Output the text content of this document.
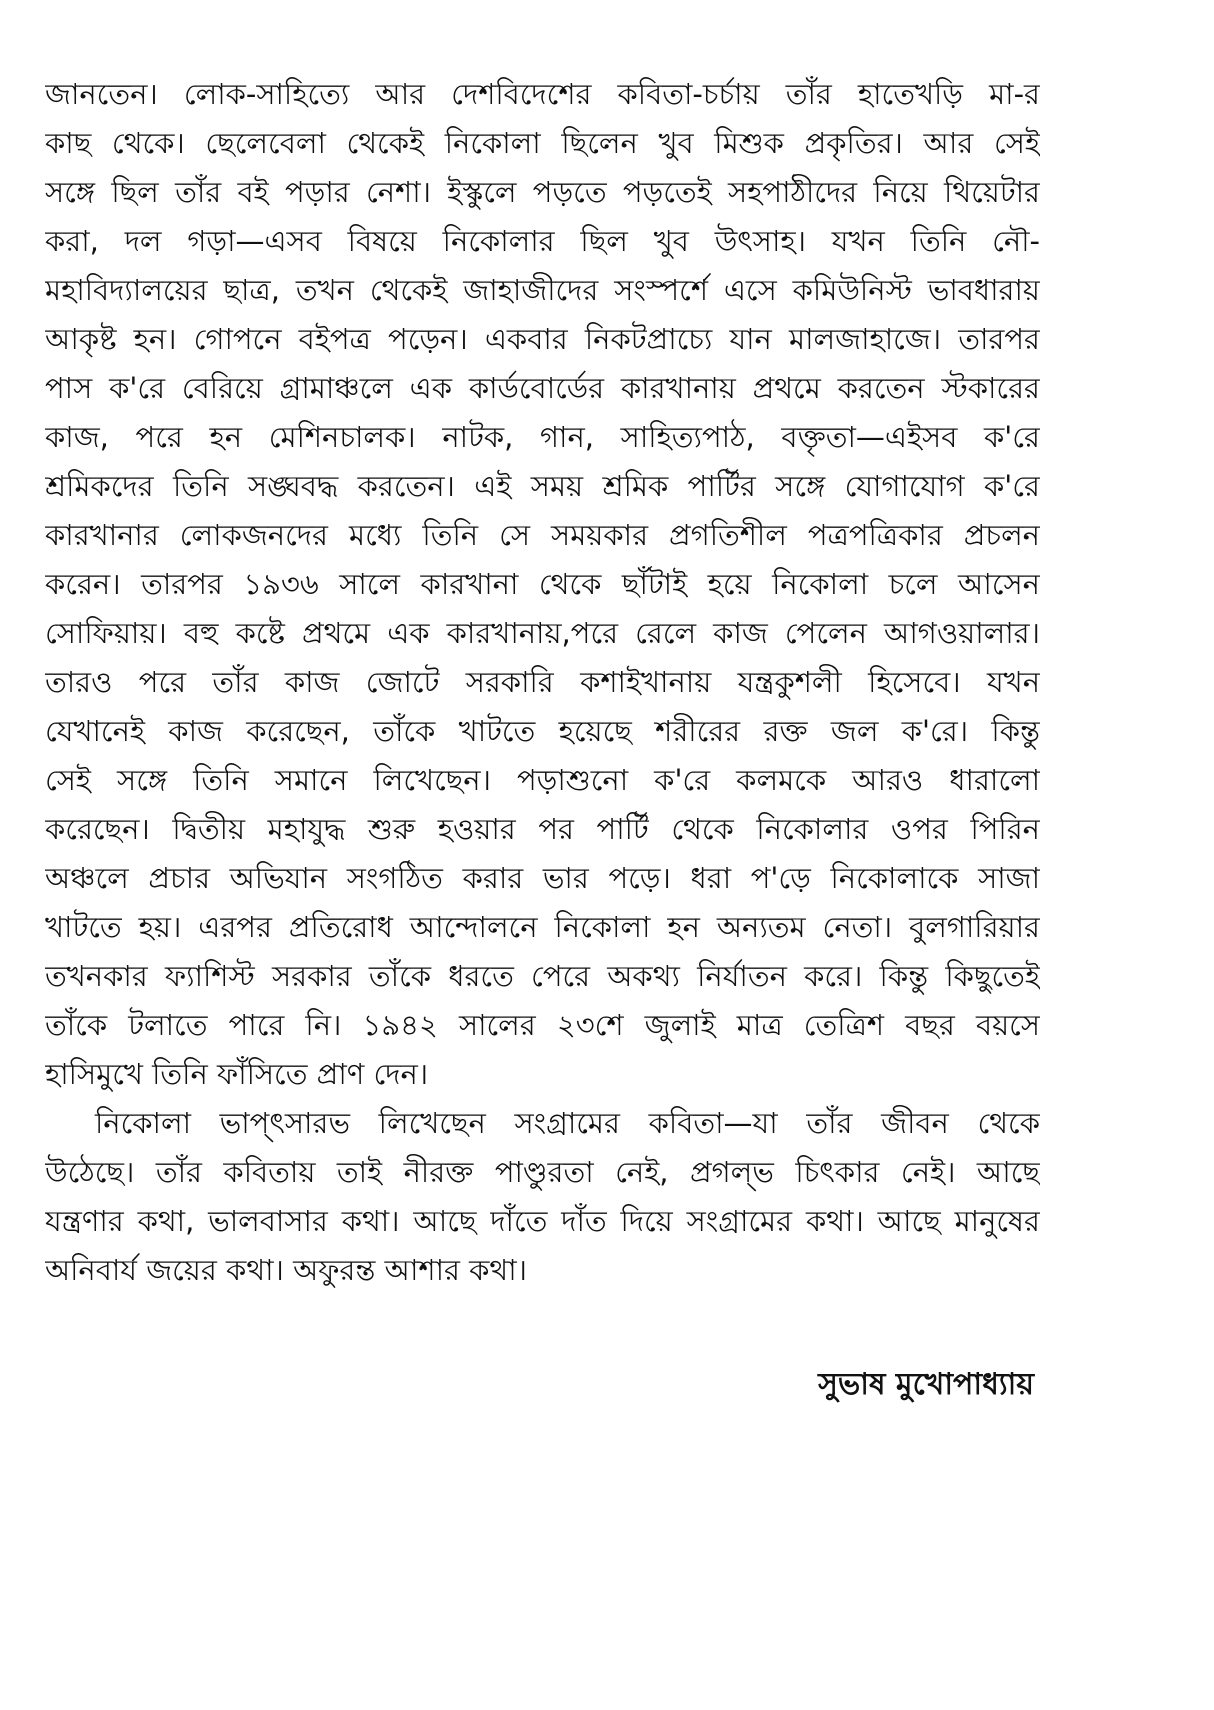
জানতেন। লোক-সাহিত্যে আর দেশবিদেশের কবিতা-চর্চায় তাঁর হাতেখড়ি মা-র
কাছ থেকে। ছেলেবেলা থেকেই নিকোলা ছিলেন খুব মিশুক প্রকৃতির। আর সেই
সঙ্গে ছিল তাঁর বই পড়ার নেশা। ইস্কুলে পড়তে পড়তেই সহপাঠীদের নিয়ে থিয়েটার
করা, দল গড়া—এসব বিষয়ে নিকোলার ছিল খুব উৎসাহ। যখন তিনি নৌ-
মহাবিদ্যালয়ের ছাত্র, তখন থেকেই জাহাজীদের সংস্পর্শে এসে কমিউনিস্ট ভাবধারায়
আকৃষ্ট হন। গোপনে বইপত্র পড়েন। একবার নিকটপ্রাচ্যে যান মালজাহাজে। তারপর
পাস ক'রে বেরিয়ে গ্রামাঞ্চলে এক কার্ডবোর্ডের কারখানায় প্রথমে করতেন স্টকারের
কাজ, পরে হন মেশিনচালক। নাটক, গান, সাহিত্যপাঠ, বক্তৃতা—এইসব ক'রে
শ্রমিকদের তিনি সঙ্ঘবদ্ধ করতেন। এই সময় শ্রমিক পার্টির সঙ্গে যোগাযোগ ক'রে
কারখানার লোকজনদের মধ্যে তিনি সে সময়কার প্রগতিশীল পত্রপত্রিকার প্রচলন
করেন। তারপর ১৯৩৬ সালে কারখানা থেকে ছাঁটাই হয়ে নিকোলা চলে আসেন
সোফিয়ায়। বহু কষ্টে প্রথমে এক কারখানায়,পরে রেলে কাজ পেলেন আগওয়ালার।
তারও পরে তাঁর কাজ জোটে সরকারি কশাইখানায় যন্ত্রকুশলী হিসেবে। যখন
যেখানেই কাজ করেছেন, তাঁকে খাটতে হয়েছে শরীরের রক্ত জল ক'রে। কিন্তু
সেই সঙ্গে তিনি সমানে লিখেছেন। পড়াশুনো ক'রে কলমকে আরও ধারালো
করেছেন। দ্বিতীয় মহাযুদ্ধ শুরু হওয়ার পর পার্টি থেকে নিকোলার ওপর পিরিন
অঞ্চলে প্রচার অভিযান সংগঠিত করার ভার পড়ে। ধরা প'ড়ে নিকোলাকে সাজা
খাটতে হয়। এরপর প্রতিরোধ আন্দোলনে নিকোলা হন অন্যতম নেতা। বুলগারিয়ার
তখনকার ফ্যাশিস্ট সরকার তাঁকে ধরতে পেরে অকথ্য নির্যাতন করে। কিন্তু কিছুতেই
তাঁকে টলাতে পারে নি। ১৯৪২ সালের ২৩শে জুলাই মাত্র তেত্রিশ বছর বয়সে
হাসিমুখে তিনি ফাঁসিতে প্রাণ দেন।
নিকোলা ভাপ্‌ৎসারভ লিখেছেন সংগ্রামের কবিতা—যা তাঁর জীবন থেকে
উঠেছে। তাঁর কবিতায় তাই নীরক্ত পাণ্ডুরতা নেই, প্রগল্‌ভ চিৎকার নেই। আছে
যন্ত্রণার কথা, ভালবাসার কথা। আছে দাঁতে দাঁত দিয়ে সংগ্রামের কথা। আছে মানুষের
অনিবার্য জয়ের কথা। অফুরন্ত আশার কথা।
সুভাষ মুখোপাধ্যায়
